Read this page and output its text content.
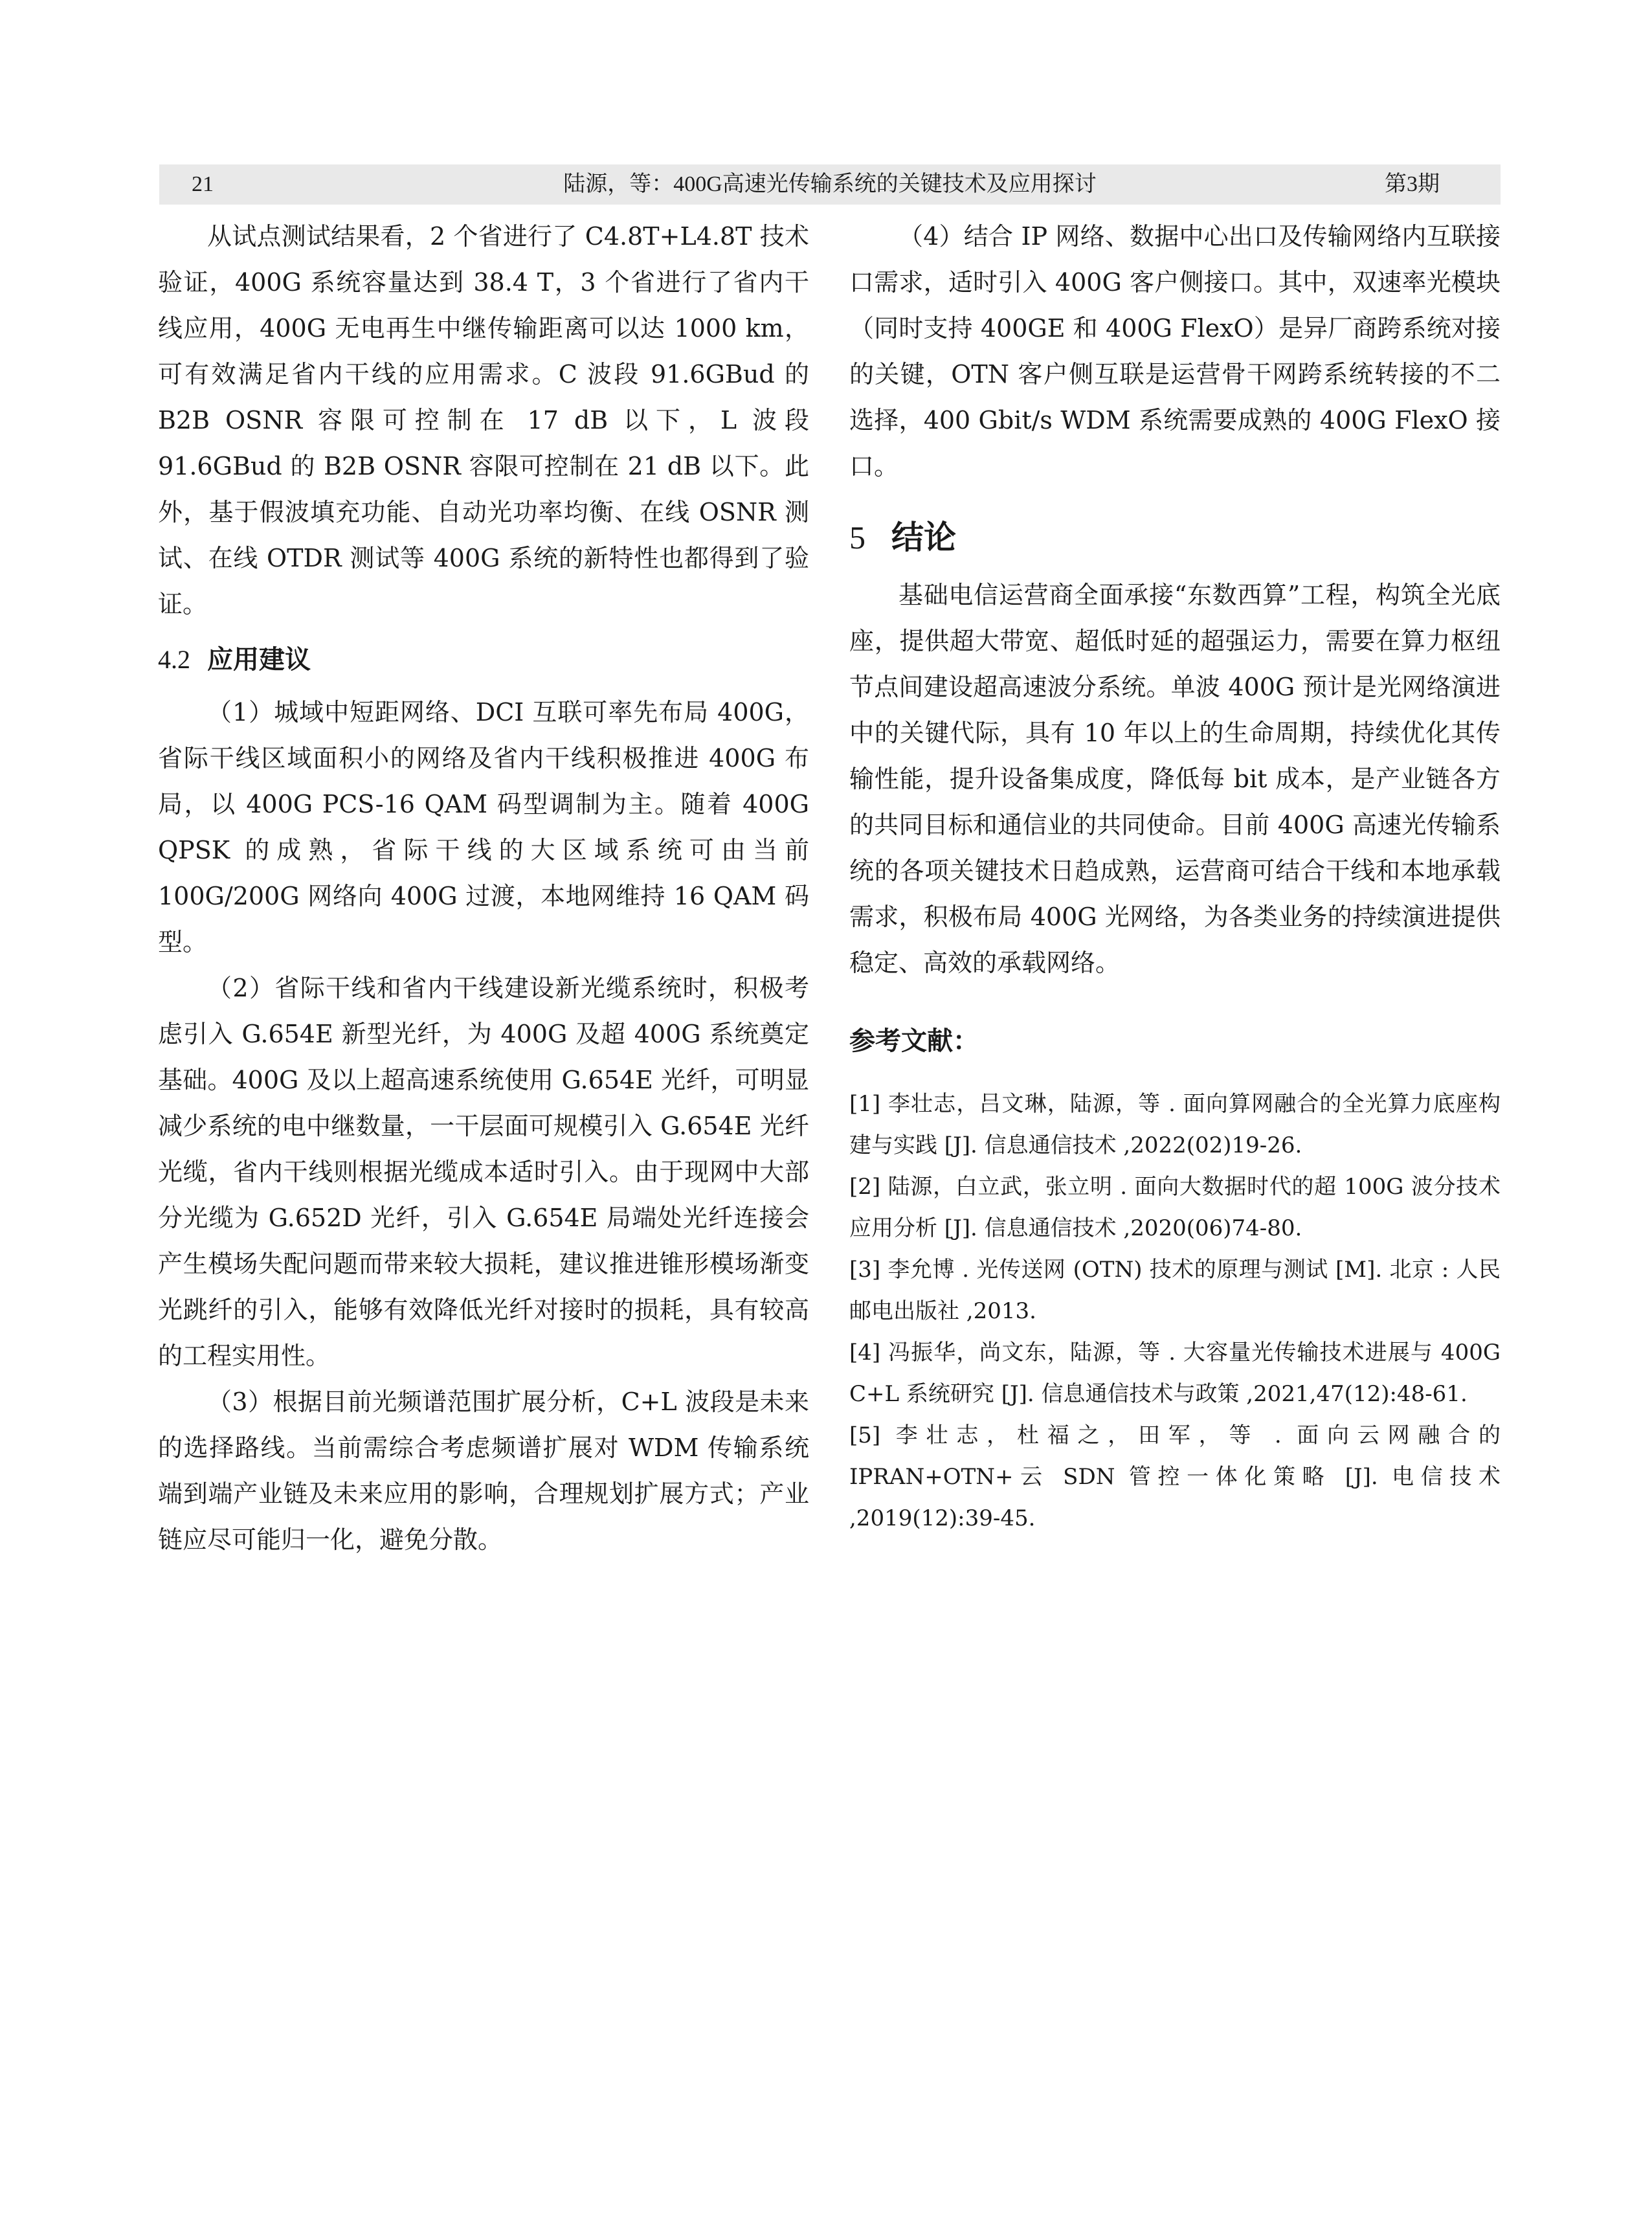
21	陆源，等：400G高速光传输系统的关键技术及应用探讨	第3期

从试点测试结果看，2 个省进行了 C4.8T+L4.8T 技术验证，400G 系统容量达到 38.4 T，3 个省进行了省内干线应用，400G 无电再生中继传输距离可以达 1000 km，可有效满足省内干线的应用需求。C 波段 91.6GBud 的 B2B OSNR 容限可控制在 17 dB 以下，L 波段 91.6GBud 的 B2B OSNR 容限可控制在 21 dB 以下。此外，基于假波填充功能、自动光功率均衡、在线 OSNR 测试、在线 OTDR 测试等 400G 系统的新特性也都得到了验证。

4.2 应用建议

（1）城域中短距网络、DCI 互联可率先布局 400G，省际干线区域面积小的网络及省内干线积极推进 400G 布局，以 400G PCS-16 QAM 码型调制为主。随着 400G QPSK 的成熟，省际干线的大区域系统可由当前 100G/200G 网络向 400G 过渡，本地网维持 16 QAM 码型。

（2）省际干线和省内干线建设新光缆系统时，积极考虑引入 G.654E 新型光纤，为 400G 及超 400G 系统奠定基础。400G 及以上超高速系统使用 G.654E 光纤，可明显减少系统的电中继数量，一干层面可规模引入 G.654E 光纤光缆，省内干线则根据光缆成本适时引入。由于现网中大部分光缆为 G.652D 光纤，引入 G.654E 局端处光纤连接会产生模场失配问题而带来较大损耗，建议推进锥形模场渐变光跳纤的引入，能够有效降低光纤对接时的损耗，具有较高的工程实用性。

（3）根据目前光频谱范围扩展分析，C+L 波段是未来的选择路线。当前需综合考虑频谱扩展对 WDM 传输系统端到端产业链及未来应用的影响，合理规划扩展方式；产业链应尽可能归一化，避免分散。

（4）结合 IP 网络、数据中心出口及传输网络内互联接口需求，适时引入 400G 客户侧接口。其中，双速率光模块（同时支持 400GE 和 400G FlexO）是异厂商跨系统对接的关键，OTN 客户侧互联是运营骨干网跨系统转接的不二选择，400 Gbit/s WDM 系统需要成熟的 400G FlexO 接口。

5 结论

基础电信运营商全面承接“东数西算”工程，构筑全光底座，提供超大带宽、超低时延的超强运力，需要在算力枢纽节点间建设超高速波分系统。单波 400G 预计是光网络演进中的关键代际，具有 10 年以上的生命周期，持续优化其传输性能，提升设备集成度，降低每 bit 成本，是产业链各方的共同目标和通信业的共同使命。目前 400G 高速光传输系统的各项关键技术日趋成熟，运营商可结合干线和本地承载需求，积极布局 400G 光网络，为各类业务的持续演进提供稳定、高效的承载网络。

参考文献：

[1] 李壮志，吕文琳，陆源，等 . 面向算网融合的全光算力底座构建与实践 [J]. 信息通信技术 ,2022(02)19-26.

[2] 陆源，白立武，张立明 . 面向大数据时代的超 100G 波分技术应用分析 [J]. 信息通信技术 ,2020(06)74-80.

[3] 李允博 . 光传送网 (OTN) 技术的原理与测试 [M]. 北京 : 人民邮电出版社 ,2013.

[4] 冯振华，尚文东，陆源，等 . 大容量光传输技术进展与 400G C+L 系统研究 [J]. 信息通信技术与政策 ,2021,47(12):48-61.

[5] 李壮志，杜福之，田军，等 . 面向云网融合的 IPRAN+OTN+云 SDN 管控一体化策略 [J]. 电信技术 ,2019(12):39-45.
